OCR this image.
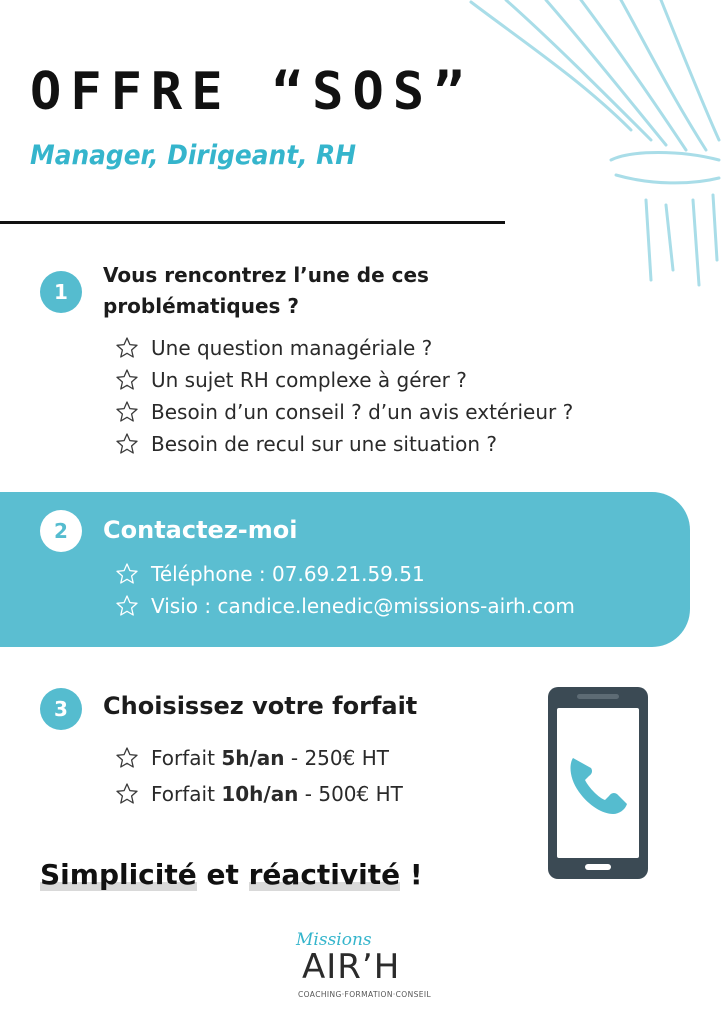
OFFRE “SOS”
Manager, Dirigeant, RH
1
Vous rencontrez l’une de ces
problématiques ?
Une question managériale ?
Un sujet RH complexe à gérer ?
Besoin d’un conseil ? d’un avis extérieur ?
Besoin de recul sur une situation ?
2	Contactez-moi
Téléphone : 07.69.21.59.51
Visio : candice.lenedic@missions-airh.com
3	Choisissez votre forfait
Forfait 5h/an - 250€ HT
Forfait 10h/an - 500€ HT
Simplicité et réactivité !
Missions
AIR’H
COACHING·FORMATION·CONSEIL
